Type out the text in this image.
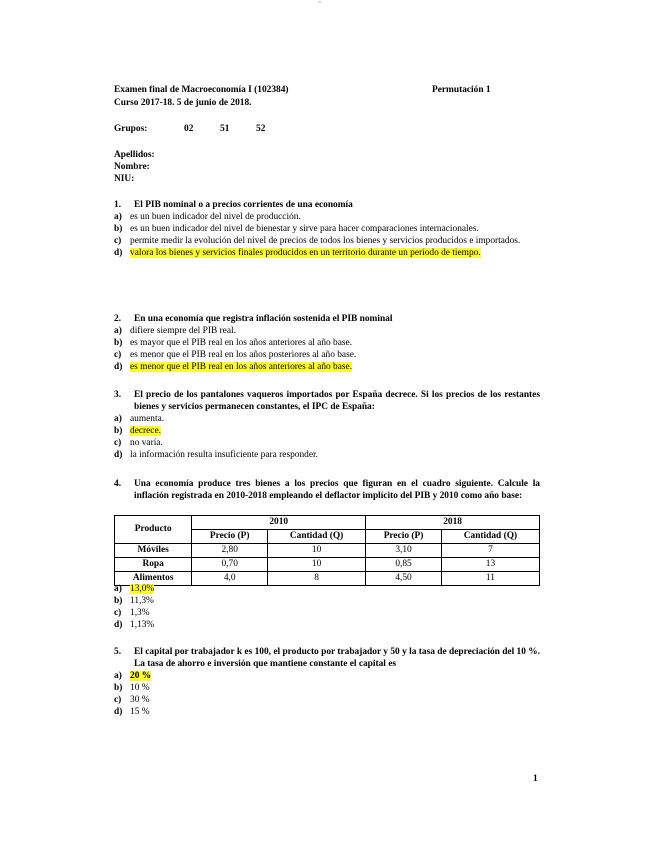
≈
Examen final de Macroeconomía I (102384)	Permutación 1
Curso 2017-18. 5 de junio de 2018.
Grupos:	02	51	52
Apellidos:
Nombre:
NIU:
1.	El PIB nominal o a precios corrientes de una economía
a) es un buen indicador del nivel de producción.
b) es un buen indicador del nivel de bienestar y sirve para hacer comparaciones internacionales.
c) permite medir la evolución del nivel de precios de todos los bienes y servicios producidos e importados.
d) valora los bienes y servicios finales producidos en un territorio durante un período de tiempo.
2.	En una economía que registra inflación sostenida el PIB nominal
a) difiere siempre del PIB real.
b) es mayor que el PIB real en los años anteriores al año base.
c) es menor que el PIB real en los años posteriores al año base.
d) es menor que el PIB real en los años anteriores al año base.
3.	El precio de los pantalones vaqueros importados por España decrece. Si los precios de los restantes bienes y servicios permanecen constantes, el IPC de España:
a) aumenta.
b) decrece.
c) no varía.
d) la información resulta insuficiente para responder.
4.	Una economía produce tres bienes a los precios que figuran en el cuadro siguiente. Calcule la inflación registrada en 2010-2018 empleando el deflactor implícito del PIB y 2010 como año base:
Producto	2010		2018	
	Precio (P)	Cantidad (Q)	Precio (P)	Cantidad (Q)
Móviles	2,80	10	3,10	7
Ropa	0,70	10	0,85	13
Alimentos	4,0	8	4,50	11
a) 13,0%
b) 11,3%
c) 1,3%
d) 1,13%
5.	El capital por trabajador k es 100, el producto por trabajador y 50 y la tasa de depreciación del 10 %. La tasa de ahorro e inversión que mantiene constante el capital es
a) 20 %
b) 10 %
c) 30 %
d) 15 %
1
